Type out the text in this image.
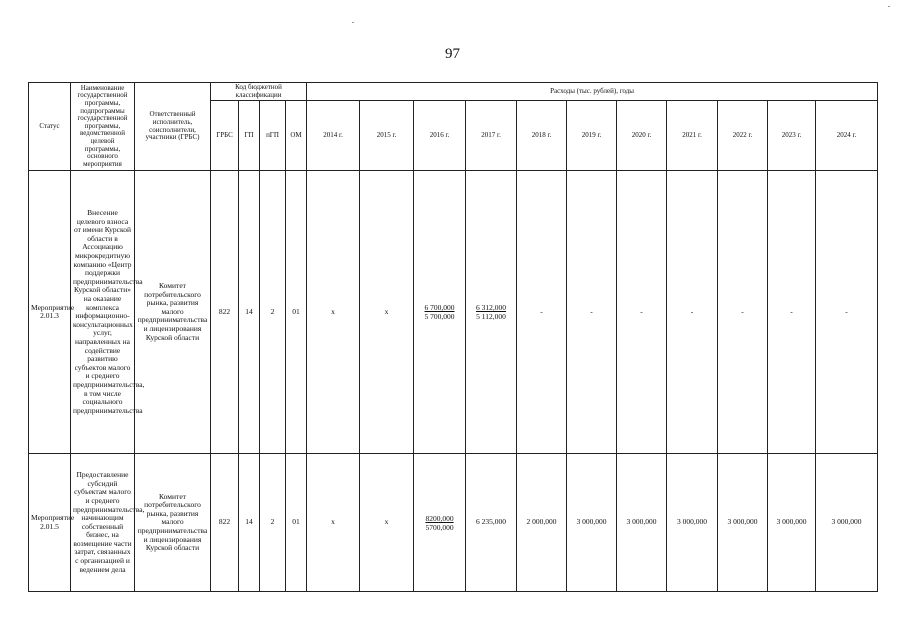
97
Статус	Наименование государственной программы, подпрограммы государственной программы, ведомственной целевой программы, основного мероприятия	Ответственный исполнитель, соисполнители, участники (ГРБС)	Код бюджетной классификации				Расходы (тыс. рублей), годы										
			ГРБС	ГП	пГП	ОМ	2014 г.	2015 г.	2016 г.	2017 г.	2018 г.	2019 г.	2020 г.	2021 г.	2022 г.	2023 г.	2024 г.
Мероприятие 2.01.3	Внесение целевого взноса от имени Курской области в Ассоциацию микрокредитную компанию «Центр поддержки предпринимательства Курской области» на оказание комплекса информационно-консультационных услуг, направленных на содействие развитию субъектов малого и среднего предпринимательства, в том числе социального предпринимательства	Комитет потребительского рынка, развития малого предпринимательства и лицензирования Курской области	822	14	2	01	х	х	6 700,000
5 700,000	6 312,000
5 112,000	-	-	-	-	-	-	-
Мероприятие 2.01.5	Предоставление субсидий субъектам малого и среднего предпринимательства, начинающим собственный бизнес, на возмещение части затрат, связанных с организацией и ведением дела	Комитет потребительского рынка, развития малого предпринимательства и лицензирования Курской области	822	14	2	01	х	х	8200,000
5700,000	6 235,000	2 000,000	3 000,000	3 000,000	3 000,000	3 000,000	3 000,000	3 000,000
